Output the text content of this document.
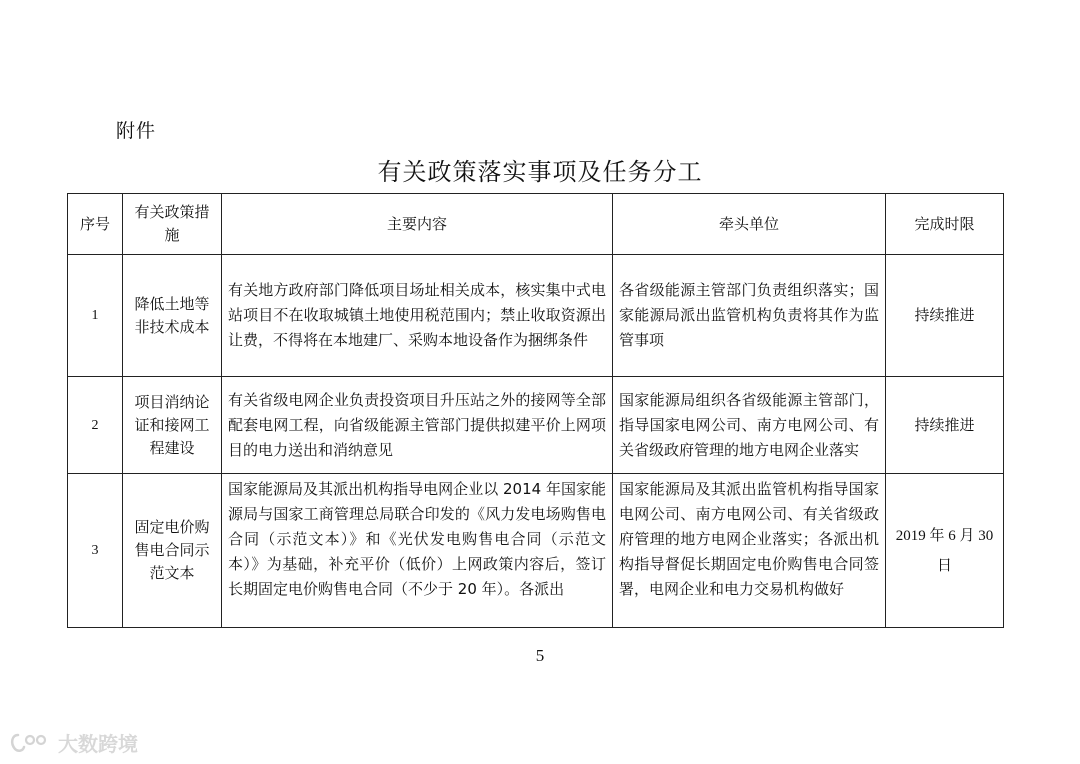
附件
有关政策落实事项及任务分工
序号	有关政策措施	主要内容	牵头单位	完成时限
1	降低土地等非技术成本	有关地方政府部门降低项目场址相关成本，核实集中式电站项目不在收取城镇土地使用税范围内；禁止收取资源出让费，不得将在本地建厂、采购本地设备作为捆绑条件	各省级能源主管部门负责组织落实；国家能源局派出监管机构负责将其作为监管事项	持续推进
2	项目消纳论证和接网工程建设	有关省级电网企业负责投资项目升压站之外的接网等全部配套电网工程，向省级能源主管部门提供拟建平价上网项目的电力送出和消纳意见	国家能源局组织各省级能源主管部门，指导国家电网公司、南方电网公司、有关省级政府管理的地方电网企业落实	持续推进
3	固定电价购售电合同示范文本	国家能源局及其派出机构指导电网企业以 2014 年国家能源局与国家工商管理总局联合印发的《风力发电场购售电合同（示范文本）》和《光伏发电购售电合同（示范文本）》为基础，补充平价（低价）上网政策内容后，签订长期固定电价购售电合同（不少于 20 年）。各派出	国家能源局及其派出监管机构指导国家电网公司、南方电网公司、有关省级政府管理的地方电网企业落实；各派出机构指导督促长期固定电价购售电合同签署，电网企业和电力交易机构做好	2019 年 6 月 30 日
5
大数跨境
